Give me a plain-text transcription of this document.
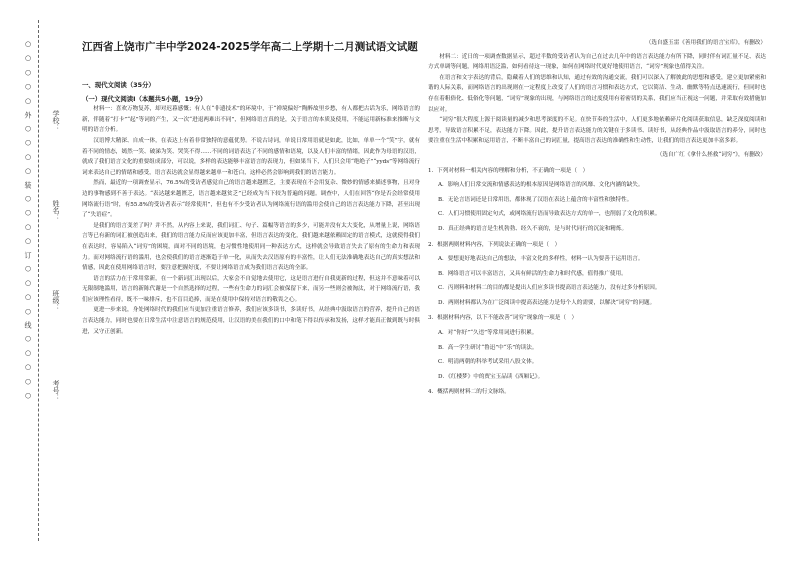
○ ○ ○ ○ ○ 外 ○ ○ ○ ○ 装 ○ ○ ○ ○ 订 ○ ○ ○ ○ 线 ○ ○ ○ ○ ○	学校：
姓名：
班级：
考号：
江西省上饶市广丰中学2024-2025学年高二上学期十二月测试语文试题
一、现代文阅读（35分）
（一）现代文阅读Ⅰ（本题共5小题，19分）

材料一：喜欢万物复苏，却对迟暮感慨；有人在“非遗技术”的环境中，于“禅境偏好”陶醉故里乡愁，有人都把古话为乐，网络语言的新，伴随着“打卡”“起”等词的产生，又一次“进退两难出不同”，但网络语言真的是，关于语言的本质及使用，不能运用新标准来推断与文明的语言分析。

汉语博大精深、自成一体，在表达上有着非常独特的意蕴优势。不说古诗词，单说日常用语就是如此，比如，单单一个“笑”字，就有着不同的情态，嫣然一笑、破涕为笑、哭笑不得……不同的词语表达了不同的感情和语境，以及人们丰富的情绪，因此作为母语的汉语，就成了我们语言文化的重要组成部分，可以说，多样的表达能够丰富语言的表现力，但如果当下，人们只会用“绝绝子”“yyds”等网络流行词来表达自己的情绪和感受，语言表达就会显得越来越单一和苍白，这样必然会影响到我们的语言能力。

然而，最近的一项调查显示，76.5%的受访者感觉自己的语言越来越匮乏，主要表现在不会用复杂、微妙的情感来描述事物，且对身边的事物感到不善于表达。“表达越来越匮乏，语言越来越贫乏”已经成为当下较为普遍的问题。调查中，人们在回答“你是否会经常使用网络流行语”时，有55.8%的受访者表示“经常使用”，但也有不少受访者认为网络流行语的滥用会使自己的语言表达能力下降，甚至出现了“失语症”。

是我们的语言变差了吗？并不然，从内容上来说，我们词汇、句子、篇幅等语言的多少，可能并没有太大变化，从增量上说，网络语言等已有新的词汇被创造出来，我们的语言能力反而应该更加丰富，但语言表达的变化，我们越来越依赖固定的语言模式，这就使得我们在表达时，容易陷入“词穷”的困境，面对不同的语境，也习惯性地使用同一种表达方式，这样就会导致语言失去了原有的生命力和表现力。而对网络流行语的滥用，也会使我们的语言逐渐趋于单一化，从而失去汉语原有的丰富性，让人们无法准确地表达自己的真实想法和情感，因此在使用网络语言时，要注意把握好度，不要让网络语言成为我们语言表达的全部。

语言的活力在于常用常新，在一个新词汇出现以后，大家会不自觉地去使用它，这是语言进行自我更新的过程，但这并不意味着可以无限制地滥用，语言的新陈代谢是一个自然选择的过程，一些有生命力的词汇会被保留下来，而另一些则会被淘汰，对于网络流行语，我们应该理性看待，既不一味排斥，也不盲目追捧，而是在使用中保持对语言的敬畏之心。

更进一步来说，身处网络时代的我们应当更加注重语言修养，我们应该多读书，多读好书，从经典中汲取语言的营养，提升自己的语言表达能力，同时也要在日常生活中注意语言的规范使用，让汉语的美在我们的口中和笔下得以传承和发扬，这样才能真正做到既与时俱进，又守正创新。

（选自盛玉雷《善用我们的语言宝库》，有删改）

材料二：近日的一项调查数据显示，超过半数的受访者认为自己在过去几年中的语言表达能力有所下降，同时伴有词汇量不足、表达方式单调等问题，网络用语泛滥，如何看待这一现象，如何在网络时代更好地使用语言，“词穷”现象也值得关注。

在语言和文字表达的背后，隐藏着人们的思维和认知，通过有效的沟通交流，我们可以深入了解彼此的思想和感受，建立更加紧密和谐的人际关系，而网络语言的出现则在一定程度上改变了人们的语言习惯和表达方式，它以简洁、生动、幽默等特点迅速流行，但同时也存在着粗俗化、低俗化等问题，“词穷”现象的出现，与网络语言的过度使用有着密切的关系，我们应当正视这一问题，并采取有效措施加以应对。

“词穷”很大程度上源于阅读量的减少和思考深度的不足。在快节奏的生活中，人们更多地依赖碎片化阅读获取信息，缺乏深度阅读和思考，导致语言积累不足，表达能力下降。因此，提升语言表达能力的关键在于多读书、读好书，从经典作品中汲取语言的养分，同时也要注重在生活中积累和运用语言，不断丰富自己的词汇量，提高语言表达的准确性和生动性，让我们的语言表达更加丰富多彩。

（选自广红《拿什么拯救“词穷”》，有删改）

1．下列对材料一相关内容的理解和分析，不正确的一项是（　）

A．影响人们日常交流和情感表达的根本原因是网络语言的风靡、文化内涵的缺失。

B．无论言语词还是日常用语，都体现了汉语在表达上蕴含的丰富性和独特性。

C．人们习惯使用固定句式，或网络流行语而导致表达方式的单一，也削弱了文化的积累。

D．真正经典的语言是生机勃勃、经久不衰的，是与时代同行的沉淀和精炼。

2．根据两则材料内容，下列说法正确的一项是（　）

A．要想更好地表达自己的想法，丰富文化的多样性，材料一认为要善于运用语言。

B．网络语言可以丰富语言，又具有鲜活的生命力和时代感，值得推广使用。

C．丙则料和材料二的目的都是提出人们应多读书提高语言表达能力，没有过多分析原因。

D．两则材料都认为在广泛阅读中提高表达能力是每个人的需要，以解决“词穷”的问题。

3．根据材料内容，以下不能改善“词穷”现象的一项是（　）

A．对“你好”“久违”等常用词进行积累。

B．高一学生研讨“鲁迅”中“乐”的读法。

C．明清两朝的科举考试采用八股文体。

D．《红楼梦》中的贾宝玉品读《西厢记》。

4．概括两则材料二的行文脉络。
